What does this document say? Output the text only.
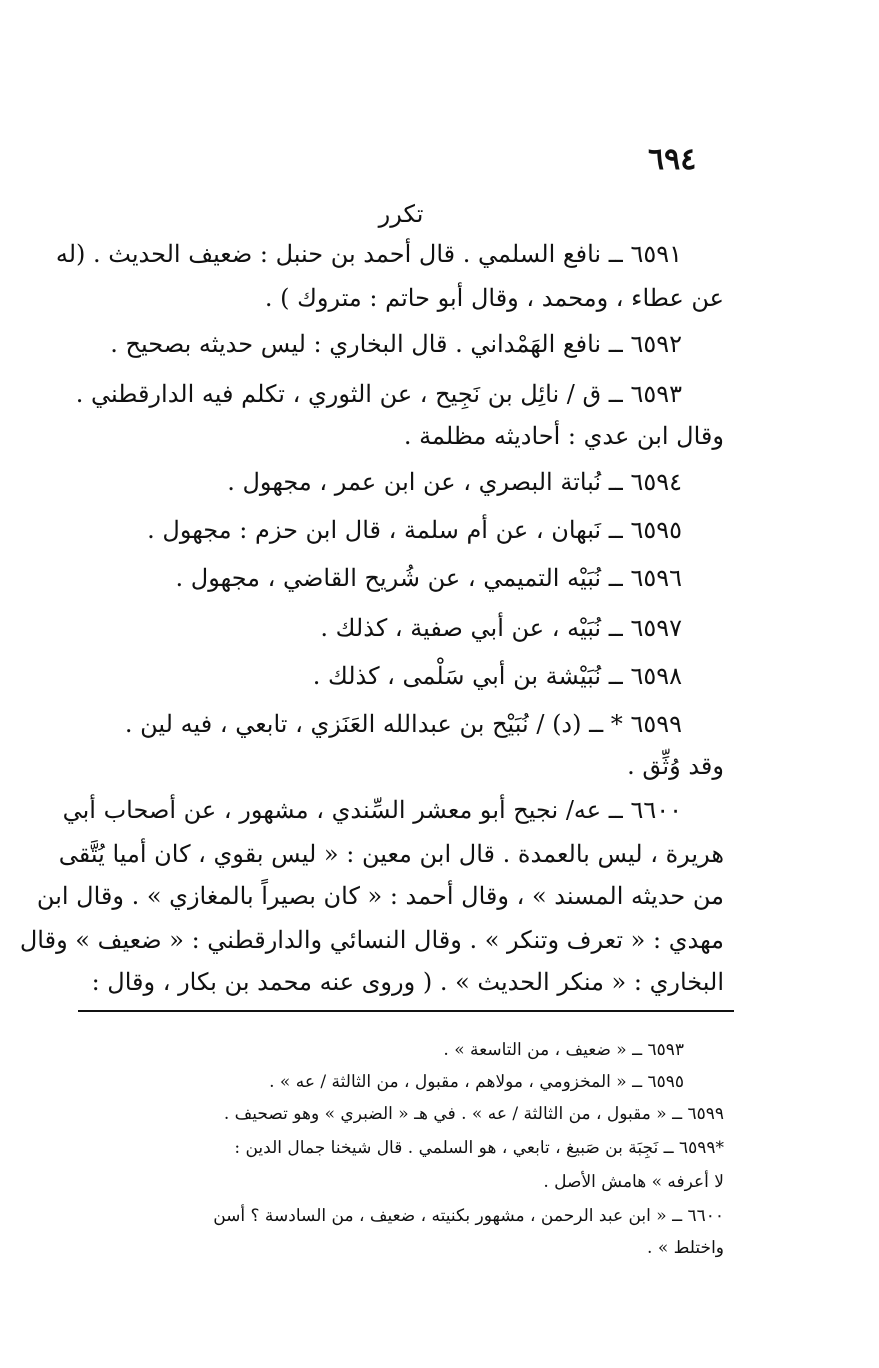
٦٩٤
تكرر
٦٥٩١ ــ نافع السلمي . قال أحمد بن حنبل : ضعيف الحديث . (له
عن عطاء ، ومحمد ، وقال أبو حاتم : متروك ) .
٦٥٩٢ ــ نافع الهَمْداني . قال البخاري : ليس حديثه بصحيح .
٦٥٩٣ ــ ق / نائِل بن نَجِيح ، عن الثوري ، تكلم فيه الدارقطني .
وقال ابن عدي : أحاديثه مظلمة .
٦٥٩٤ ــ نُباتة البصري ، عن ابن عمر ، مجهول .
٦٥٩٥ ــ نَبهان ، عن أم سلمة ، قال ابن حزم : مجهول .
٦٥٩٦ ــ نُبَيْه التميمي ، عن شُريح القاضي ، مجهول .
٦٥٩٧ ــ نُبَيْه ، عن أبي صفية ، كذلك .
٦٥٩٨ ــ نُبَيْشة بن أبي سَلْمى ، كذلك .
٦٥٩٩ * ــ (د) / نُبَيْح بن عبدالله العَنَزي ، تابعي ، فيه لين .
وقد وُثِّق .
٦٦٠٠ ــ عه/ نجيح أبو معشر السِّندي ، مشهور ، عن أصحاب أبي
هريرة ، ليس بالعمدة . قال ابن معين : « ليس بقوي ، كان أميا يُتَّقى
من حديثه المسند » ، وقال أحمد : « كان بصيراً بالمغازي » . وقال ابن
مهدي : « تعرف وتنكر » . وقال النسائي والدارقطني : « ضعيف » وقال
البخاري : « منكر الحديث » . ( وروى عنه محمد بن بكار ، وقال :
٦٥٩٣ ــ « ضعيف ، من التاسعة » .
٦٥٩٥ ــ « المخزومي ، مولاهم ، مقبول ، من الثالثة / عه » .
٦٥٩٩ ــ « مقبول ، من الثالثة / عه » . في هـ « الضبري » وهو تصحيف .
*٦٥٩٩ ــ نَجِبَة بن صَبيغ ، تابعي ، هو السلمي . قال شيخنا جمال الدين :
لا أعرفه » هامش الأصل .
٦٦٠٠ ــ « ابن عبد الرحمن ، مشهور بكنيته ، ضعيف ، من السادسة ؟ أسن
واختلط » .
